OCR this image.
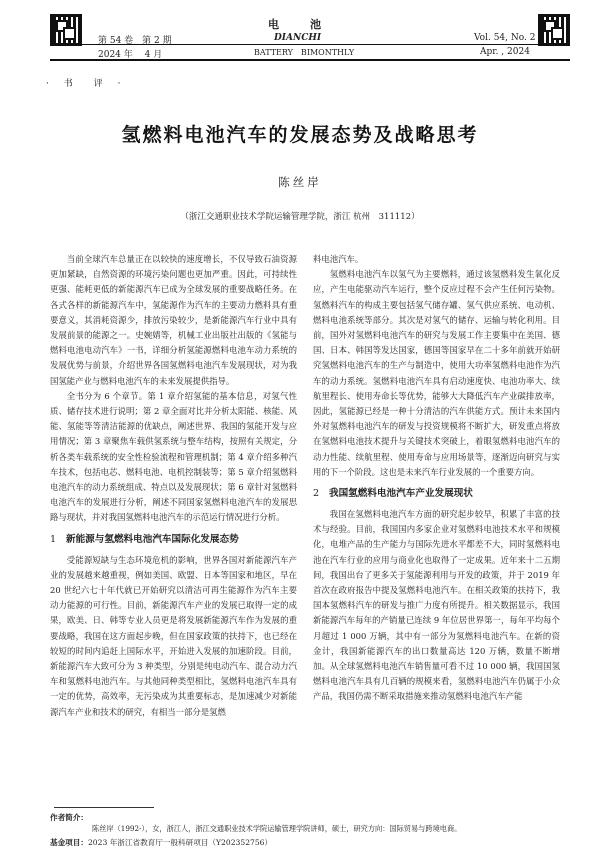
电　池
第 54 卷　第 2 期	DIANCHI	Vol. 54, No. 2
2024 年　 4 月	BATTERY　BIMONTHLY	Apr. , 2024
· 书　评 ·
氢燃料电池汽车的发展态势及战略思考
陈丝岸
（浙江交通职业技术学院运输管理学院，浙江 杭州　311112）

当前全球汽车总量正在以较快的速度增长，不仅导致石油资源更加紧缺，自然资源的环境污染问题也更加严重。因此，可持续性更强、能耗更低的新能源汽车已成为全球发展的重要战略任务。在各式各样的新能源汽车中，氢能源作为汽车的主要动力燃料具有重要意义，其消耗资源少，排放污染较少，是新能源汽车行业中具有发展前景的能源之一。史婉婧等，机械工业出版社出版的《氢能与燃料电池电动汽车》一书，详细分析氢能源燃料电池车动力系统的发展优势与前景，介绍世界各国氢燃料电池汽车发展现状，对为我国氢能产业与燃料电池汽车的未来发展提供指导。

全书分为 6 个章节。第 1 章介绍氢能的基本信息，对氢气性质、储存技术进行说明；第 2 章全面对比并分析太阳能、核能、风能、氢能等等清洁能源的优缺点，阐述世界、我国的氢能开发与应用情况；第 3 章聚焦车载供氢系统与整车结构，按照有关规定，分析各类车载系统的安全性检验流程和管理机制；第 4 章介绍多种汽车技术，包括电芯、燃料电池、电机控制装等；第 5 章介绍氢燃料电池汽车的动力系统组成、特点以及发展现状；第 6 章针对氢燃料电池汽车的发展进行分析，阐述不同国家氢燃料电池汽车的发展思路与现状，并对我国氢燃料电池汽车的示范运行情况进行分析。

1 新能源与氢燃料电池汽车国际化发展态势

受能源短缺与生态环境危机的影响，世界各国对新能源汽车产业的发展越来越重视，例如美国、欧盟、日本等国家和地区，早在 20 世纪六七十年代就已开始研究以清洁可再生能源作为汽车主要动力能源的可行性。目前，新能源汽车产业的发展已取得一定的成果，欧美、日、韩等专业人员更是将发展新能源汽车作为发展的重要战略，我国在这方面起步晚，但在国家政策的扶持下，也已经在较短的时间内追赶上国际水平，开始进入发展的加速阶段。目前，新能源汽车大致可分为 3 种类型，分别是纯电动汽车、混合动力汽车和氢燃料电池汽车。与其他同种类型相比，氢燃料电池汽车具有一定的优势，高效率，无污染成为其重要标志，是加速减少对新能源汽车产业和技术的研究，有相当一部分是氢燃

料电池汽车。

氢燃料电池汽车以氢气为主要燃料，通过该氢燃料发生氧化反应，产生电能驱动汽车运行，整个反应过程不会产生任何污染物。氢燃料汽车的构成主要包括氢气储存罐、氢气供应系统、电动机、燃料电池系统等部分。其次是对氢气的储存、运输与转化利用。目前，国外对氢燃料电池汽车的研究与发展工作主要集中在美国、德国、日本、韩国等发达国家，德国等国家早在二十多年前就开始研究氢燃料电池汽车的生产与制造中，使用大功率氢燃料电池作为汽车的动力系统。氢燃料电池汽车具有启动速度快、电池功率大、续航里程长、使用寿命长等优势，能够大大降低汽车产业碳排放率，因此，氢能源已经是一种十分清洁的汽车供能方式。预计未来国内外对氢燃料电池汽车的研发与投资规模将不断扩大，研发重点将放在氢燃料电池技术提升与关键技术突破上，着眼氢燃料电池汽车的动力性能、续航里程、使用寿命与应用场景等，逐渐迈向研究与实用的下一个阶段。这也是未来汽车行业发展的一个重要方向。

2 我国氢燃料电池汽车产业发展现状

我国在氢燃料电池汽车方面的研究起步较早，积累了丰富的技术与经验。目前，我国国内多家企业对氢燃料电池技术水平和规模化，电堆产品的生产能力与国际先进水平都差不大，同时氢燃料电池在汽车行业的应用与商业化也取得了一定成果。近年来十二五期间，我国出台了更多关于氢能源利用与开发的政策，并于 2019 年首次在政府报告中提及氢燃料电池汽车。在相关政策的扶持下，我国本氢燃料汽车的研发与推广力度有所提升。相关数据显示，我国新能源汽车每年的产销量已连续 9 年位居世界第一，每年平均每个月超过 1 000 万辆，其中有一部分为氢燃料电池汽车。在新的资金计，我国新能源汽车的出口数量高达 120 万辆，数量不断增加。从全球氢燃料电池汽车销售量可看不过 10 000 辆，我国国氢燃料电池汽车具有几百辆的规模来看，氢燃料电池汽车仍属于小众产品，我国仍需不断采取措施来推动氢燃料电池汽车产能

作者简介：
陈丝岸（1992-），女，浙江人，浙江交通职业技术学院运输管理学院讲师，硕士，研究方向：国际贸易与跨境电商。
基金项目：2023 年浙江省教育厅一般科研项目（Y202352756）
